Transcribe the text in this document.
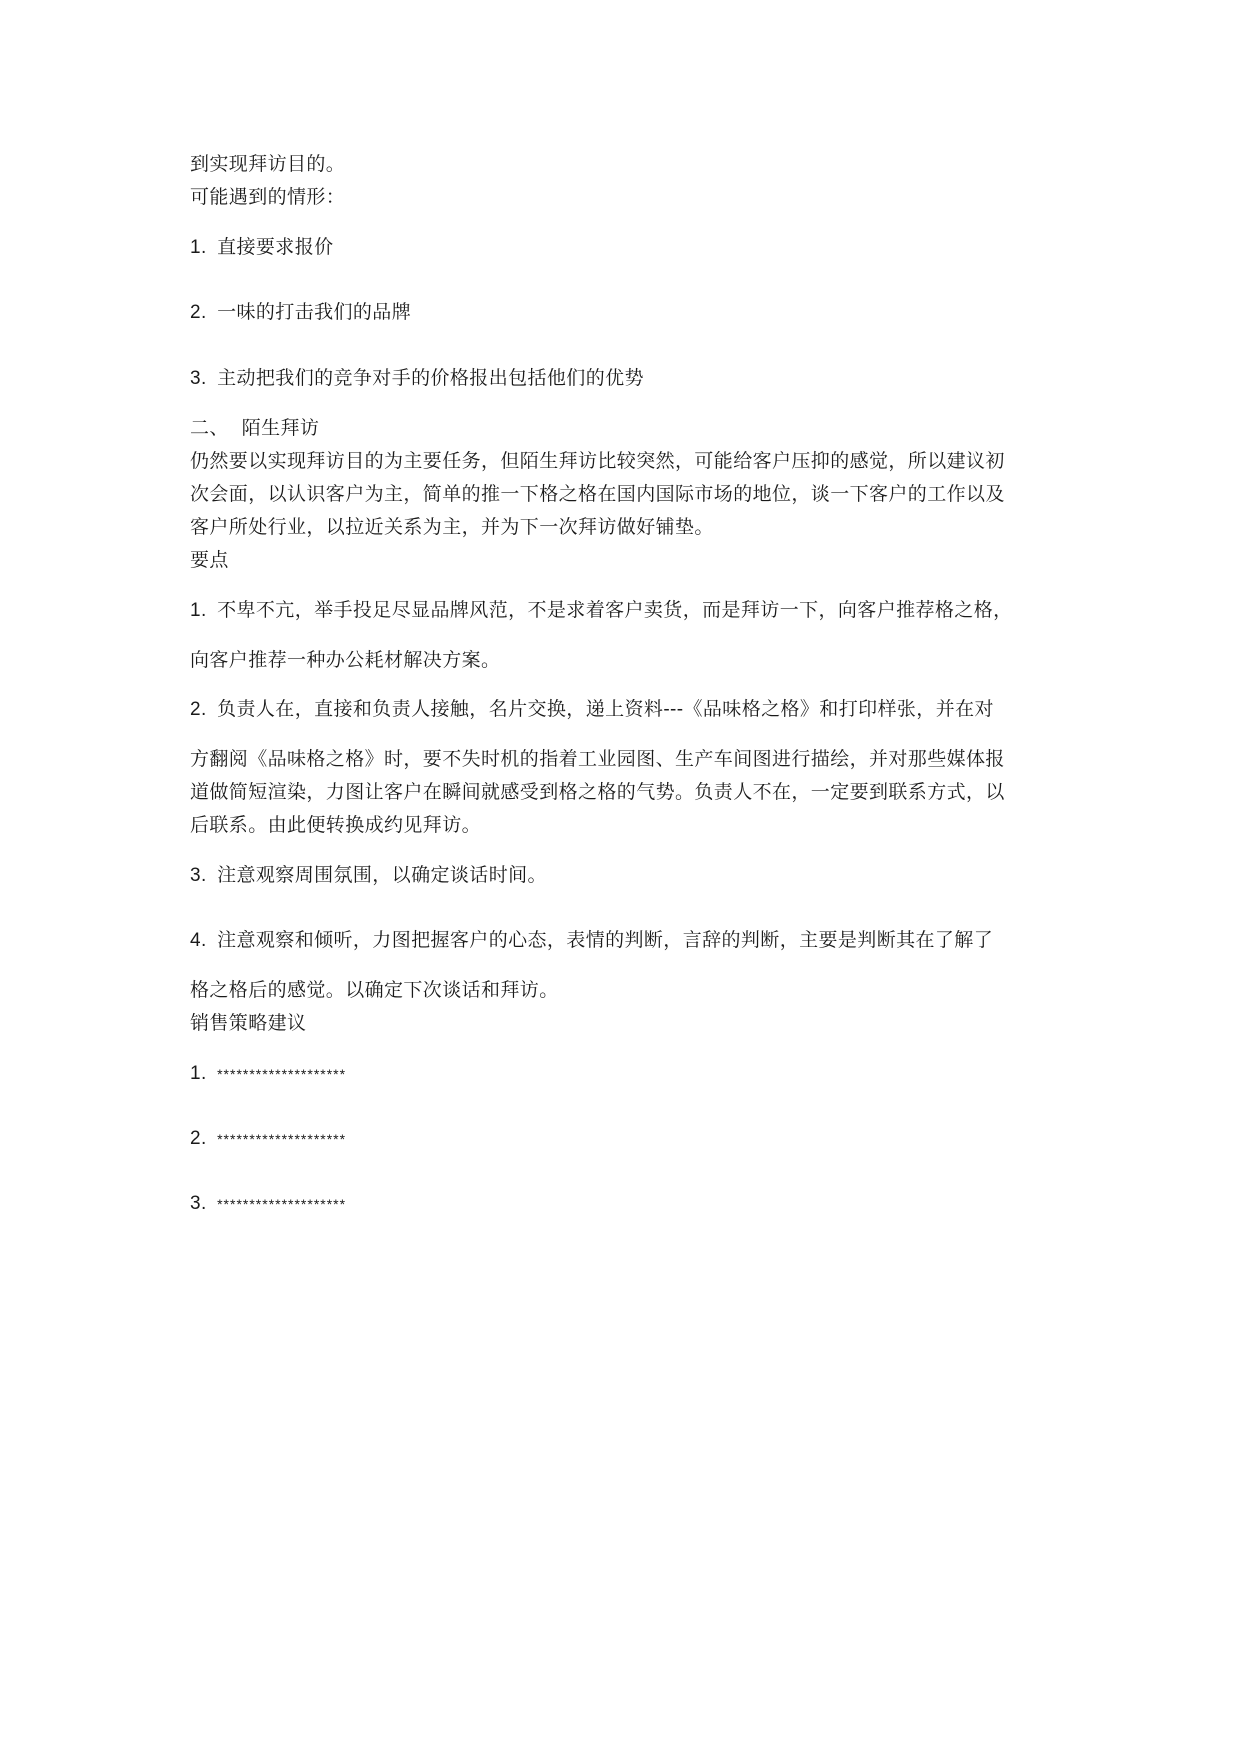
到实现拜访目的。
可能遇到的情形：
1. 直接要求报价
2. 一味的打击我们的品牌
3. 主动把我们的竞争对手的价格报出包括他们的优势
二、  陌生拜访
仍然要以实现拜访目的为主要任务，但陌生拜访比较突然，可能给客户压抑的感觉，所以建议初
次会面，以认识客户为主，简单的推一下格之格在国内国际市场的地位，谈一下客户的工作以及
客户所处行业，以拉近关系为主，并为下一次拜访做好铺垫。
要点
1. 不卑不亢，举手投足尽显品牌风范，不是求着客户卖货，而是拜访一下，向客户推荐格之格，
向客户推荐一种办公耗材解决方案。
2. 负责人在，直接和负责人接触，名片交换，递上资料---《品味格之格》和打印样张，并在对
方翻阅《品味格之格》时，要不失时机的指着工业园图、生产车间图进行描绘，并对那些媒体报
道做简短渲染，力图让客户在瞬间就感受到格之格的气势。负责人不在，一定要到联系方式，以
后联系。由此便转换成约见拜访。
3. 注意观察周围氛围，以确定谈话时间。
4. 注意观察和倾听，力图把握客户的心态，表情的判断，言辞的判断，主要是判断其在了解了
格之格后的感觉。以确定下次谈话和拜访。
销售策略建议
1. ********************
2. ********************
3. ********************
